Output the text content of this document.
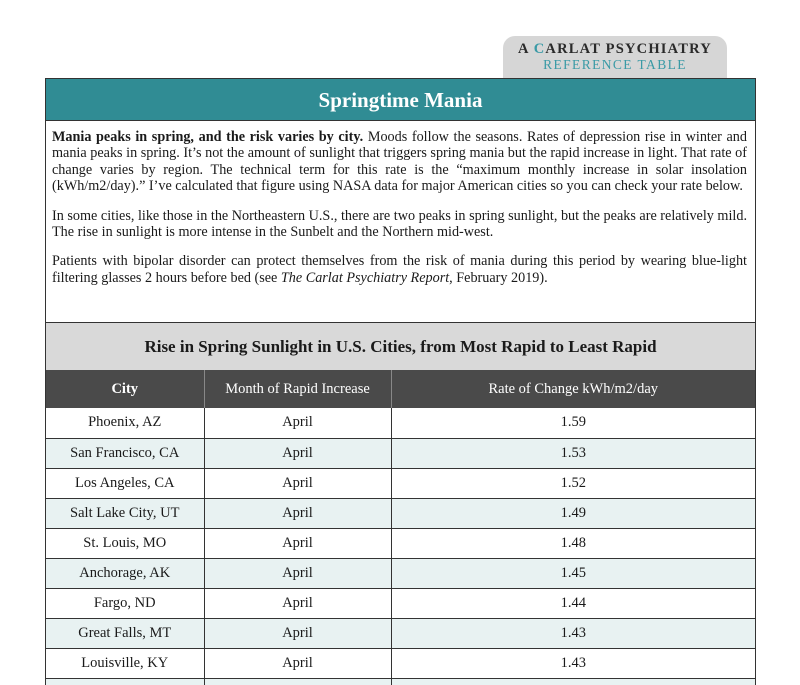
A CARLAT PSYCHIATRY
REFERENCE TABLE
Springtime Mania

Mania peaks in spring, and the risk varies by city. Moods follow the seasons. Rates of depression rise in winter and mania peaks in spring. It’s not the amount of sunlight that triggers spring mania but the rapid increase in light. That rate of change varies by region. The technical term for this rate is the “maximum monthly increase in solar insolation (kWh/m2/day).” I’ve calculated that figure using NASA data for major American cities so you can check your rate below.

In some cities, like those in the Northeastern U.S., there are two peaks in spring sunlight, but the peaks are relatively mild. The rise in sunlight is more intense in the Sunbelt and the Northern mid-west.

Patients with bipolar disorder can protect themselves from the risk of mania during this period by wearing blue-light filtering glasses 2 hours before bed (see The Carlat Psychiatry Report, February 2019).

Rise in Spring Sunlight in U.S. Cities, from Most Rapid to Least Rapid
City	Month of Rapid Increase	Rate of Change kWh/m2/day
Phoenix, AZ	April	1.59
San Francisco, CA	April	1.53
Los Angeles, CA	April	1.52
Salt Lake City, UT	April	1.49
St. Louis, MO	April	1.48
Anchorage, AK	April	1.45
Fargo, ND	April	1.44
Great Falls, MT	April	1.43
Louisville, KY	April	1.43
